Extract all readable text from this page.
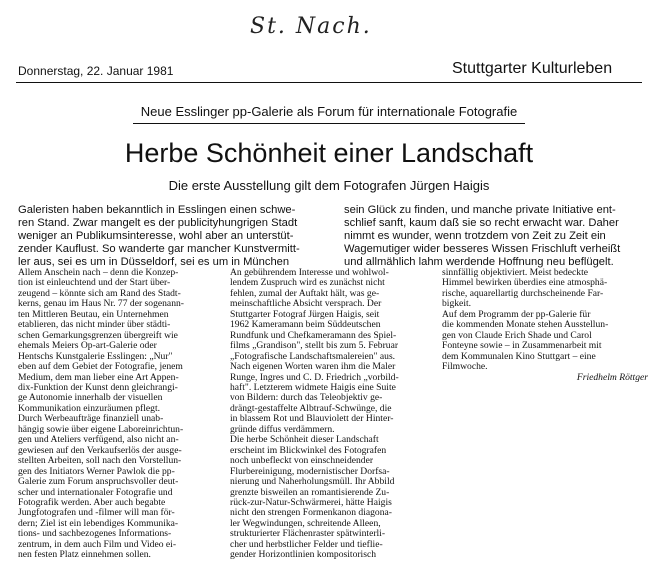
St. Nach.
Donnerstag, 22. Januar 1981	Stuttgarter Kulturleben
Neue Esslinger pp-Galerie als Forum für internationale Fotografie
Herbe Schönheit einer Landschaft
Die erste Ausstellung gilt dem Fotografen Jürgen Haigis
Galeristen haben bekanntlich in Esslingen einen schwe-
ren Stand. Zwar mangelt es der publicityhungrigen Stadt
weniger an Publikumsinteresse, wohl aber an unterstüt-
zender Kauflust. So wanderte gar mancher Kunstvermitt-
ler aus, sei es um in Düsseldorf, sei es um in München
sein Glück zu finden, und manche private Initiative ent-
schlief sanft, kaum daß sie so recht erwacht war. Daher
nimmt es wunder, wenn trotzdem von Zeit zu Zeit ein
Wagemutiger wider besseres Wissen Frischluft verheißt
und allmählich lahm werdende Hoffnung neu beflügelt.
Allem Anschein nach – denn die Konzep-
tion ist einleuchtend und der Start über-
zeugend – könnte sich am Rand des Stadt-
kerns, genau im Haus Nr. 77 der sogenann-
ten Mittleren Beutau, ein Unternehmen
etablieren, das nicht minder über städti-
schen Gemarkungsgrenzen übergreift wie
ehemals Meiers Op-art-Galerie oder
Hentschs Kunstgalerie Esslingen: „Nur"
eben auf dem Gebiet der Fotografie, jenem
Medium, dem man lieber eine Art Appen-
dix-Funktion der Kunst denn gleichrangi-
ge Autonomie innerhalb der visuellen
Kommunikation einzuräumen pflegt.
Durch Werbeaufträge finanziell unab-
hängig sowie über eigene Laboreinrichtun-
gen und Ateliers verfügend, also nicht an-
gewiesen auf den Verkaufserlös der ausge-
stellten Arbeiten, soll nach den Vorstellun-
gen des Initiators Werner Pawlok die pp-
Galerie zum Forum anspruchsvoller deut-
scher und internationaler Fotografie und
Fotografik werden. Aber auch begabte
Jungfotografen und -filmer will man för-
dern; Ziel ist ein lebendiges Kommunika-
tions- und sachbezogenes Informations-
zentrum, in dem auch Film und Video ei-
nen festen Platz einnehmen sollen.
An gebührendem Interesse und wohlwol-
lendem Zuspruch wird es zunächst nicht
fehlen, zumal der Auftakt hält, was ge-
meinschaftliche Absicht versprach. Der
Stuttgarter Fotograf Jürgen Haigis, seit
1962 Kameramann beim Süddeutschen
Rundfunk und Chefkameramann des Spiel-
films „Grandison", stellt bis zum 5. Februar
„Fotografische Landschaftsmalereien" aus.
Nach eigenen Worten waren ihm die Maler
Runge, Ingres und C. D. Friedrich „vorbild-
haft". Letzterem widmete Haigis eine Suite
von Bildern: durch das Teleobjektiv ge-
drängt-gestaffelte Albtrauf-Schwünge, die
in blassem Rot und Blauviolett der Hinter-
gründe diffus verdämmern.
Die herbe Schönheit dieser Landschaft
erscheint im Blickwinkel des Fotografen
noch unbefleckt von einschneidender
Flurbereinigung, modernistischer Dorfsa-
nierung und Naherholungsmüll. Ihr Abbild
grenzte bisweilen an romantisierende Zu-
rück-zur-Natur-Schwärmerei, hätte Haigis
nicht den strengen Formenkanon diagona-
ler Wegwindungen, schreitende Alleen,
strukturierter Flächenraster spätwinterli-
cher und herbstlicher Felder und tieflie-
gender Horizontlinien kompositorisch
sinnfällig objektiviert. Meist bedeckte
Himmel bewirken überdies eine atmosphä-
rische, aquarellartig durchscheinende Far-
bigkeit.
Auf dem Programm der pp-Galerie für
die kommenden Monate stehen Ausstellun-
gen von Claude Erich Shade und Carol
Fonteyne sowie – in Zusammenarbeit mit
dem Kommunalen Kino Stuttgart – eine
Filmwoche.
Friedhelm Röttger
